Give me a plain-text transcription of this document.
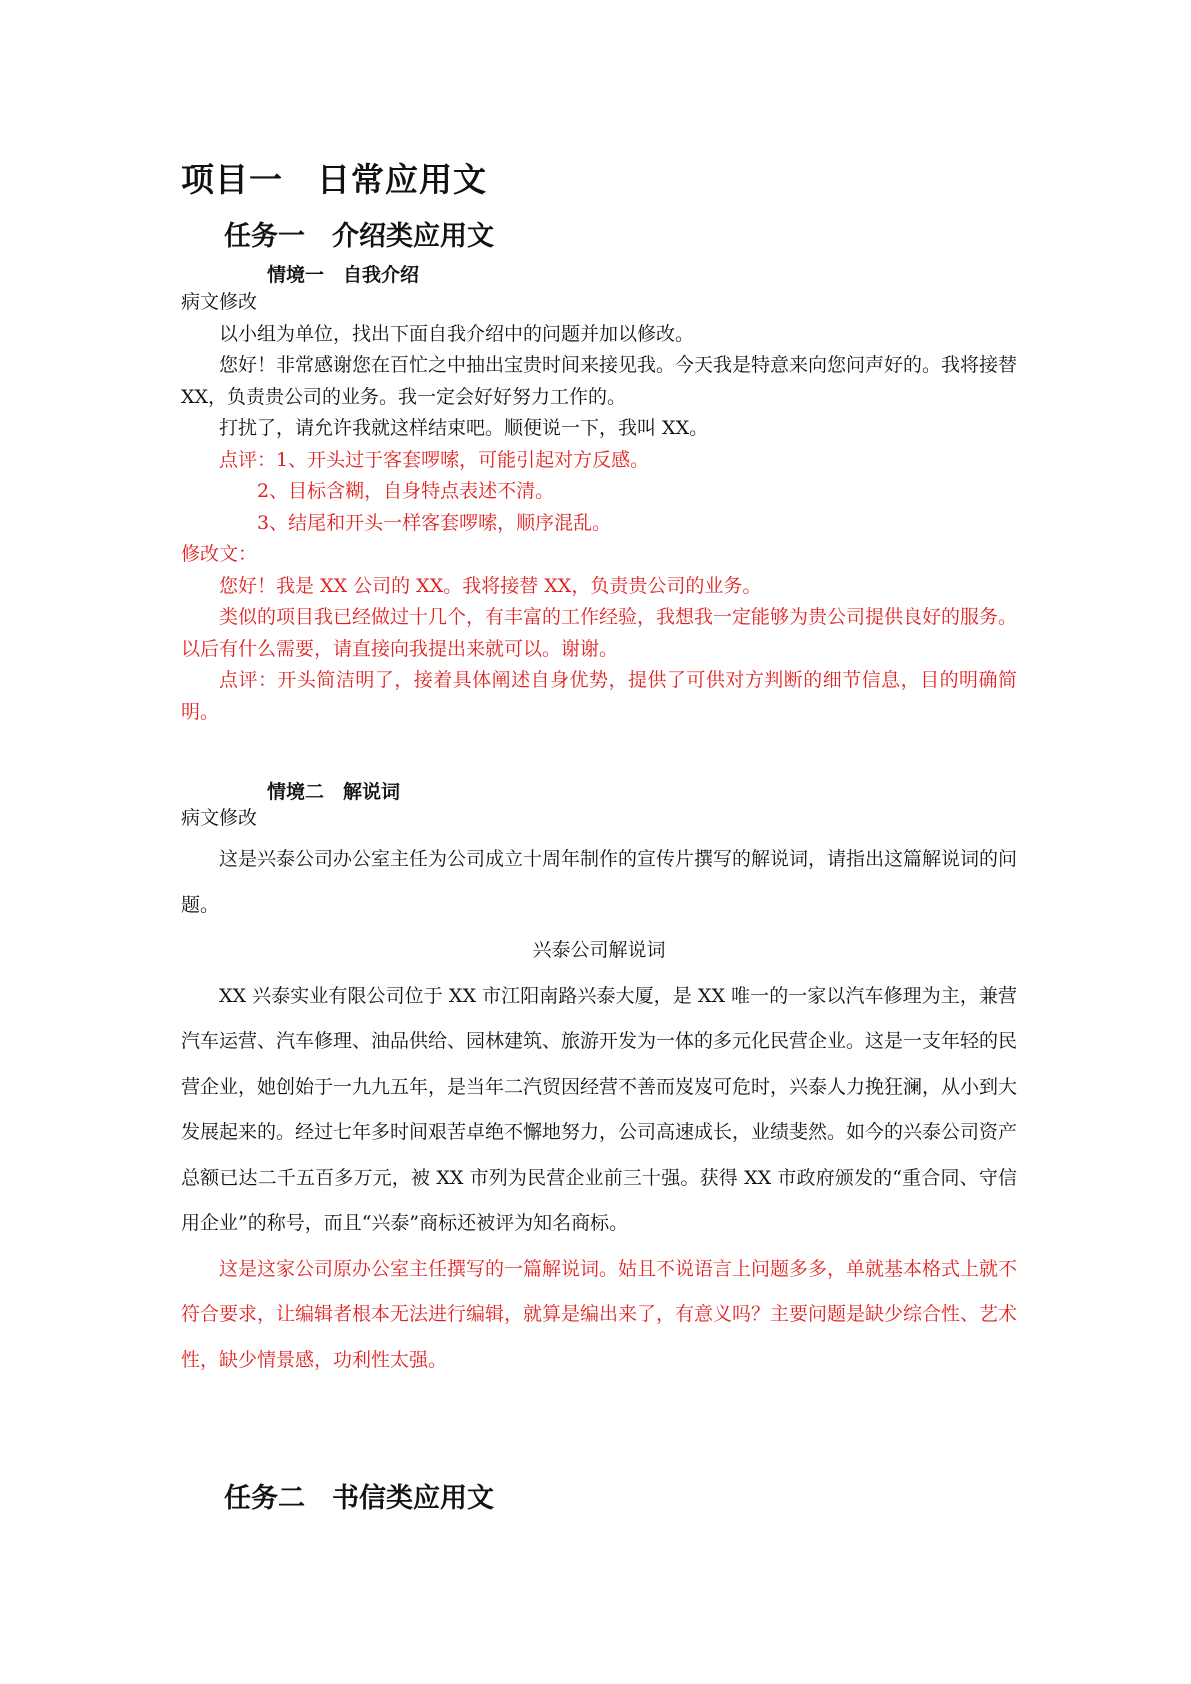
项目一　日常应用文
任务一　介绍类应用文
情境一　自我介绍

病文修改

以小组为单位，找出下面自我介绍中的问题并加以修改。

您好！非常感谢您在百忙之中抽出宝贵时间来接见我。今天我是特意来向您问声好的。我将接替 XX，负责贵公司的业务。我一定会好好努力工作的。

打扰了，请允许我就这样结束吧。顺便说一下，我叫 XX。

点评：1、开头过于客套啰嗦，可能引起对方反感。

2、目标含糊，自身特点表述不清。

3、结尾和开头一样客套啰嗦，顺序混乱。

修改文：

您好！我是 XX 公司的 XX。我将接替 XX，负责贵公司的业务。

类似的项目我已经做过十几个，有丰富的工作经验，我想我一定能够为贵公司提供良好的服务。以后有什么需要，请直接向我提出来就可以。谢谢。

点评：开头简洁明了，接着具体阐述自身优势，提供了可供对方判断的细节信息，目的明确简明。

情境二　解说词

病文修改

这是兴泰公司办公室主任为公司成立十周年制作的宣传片撰写的解说词，请指出这篇解说词的问题。

兴泰公司解说词

XX 兴泰实业有限公司位于 XX 市江阳南路兴泰大厦，是 XX 唯一的一家以汽车修理为主，兼营汽车运营、汽车修理、油品供给、园林建筑、旅游开发为一体的多元化民营企业。这是一支年轻的民营企业，她创始于一九九五年，是当年二汽贸因经营不善而岌岌可危时，兴泰人力挽狂澜，从小到大发展起来的。经过七年多时间艰苦卓绝不懈地努力，公司高速成长，业绩斐然。如今的兴泰公司资产总额已达二千五百多万元，被 XX 市列为民营企业前三十强。获得 XX 市政府颁发的“重合同、守信用企业”的称号，而且“兴泰”商标还被评为知名商标。

这是这家公司原办公室主任撰写的一篇解说词。姑且不说语言上问题多多，单就基本格式上就不符合要求，让编辑者根本无法进行编辑，就算是编出来了，有意义吗？主要问题是缺少综合性、艺术性，缺少情景感，功利性太强。

任务二　书信类应用文
